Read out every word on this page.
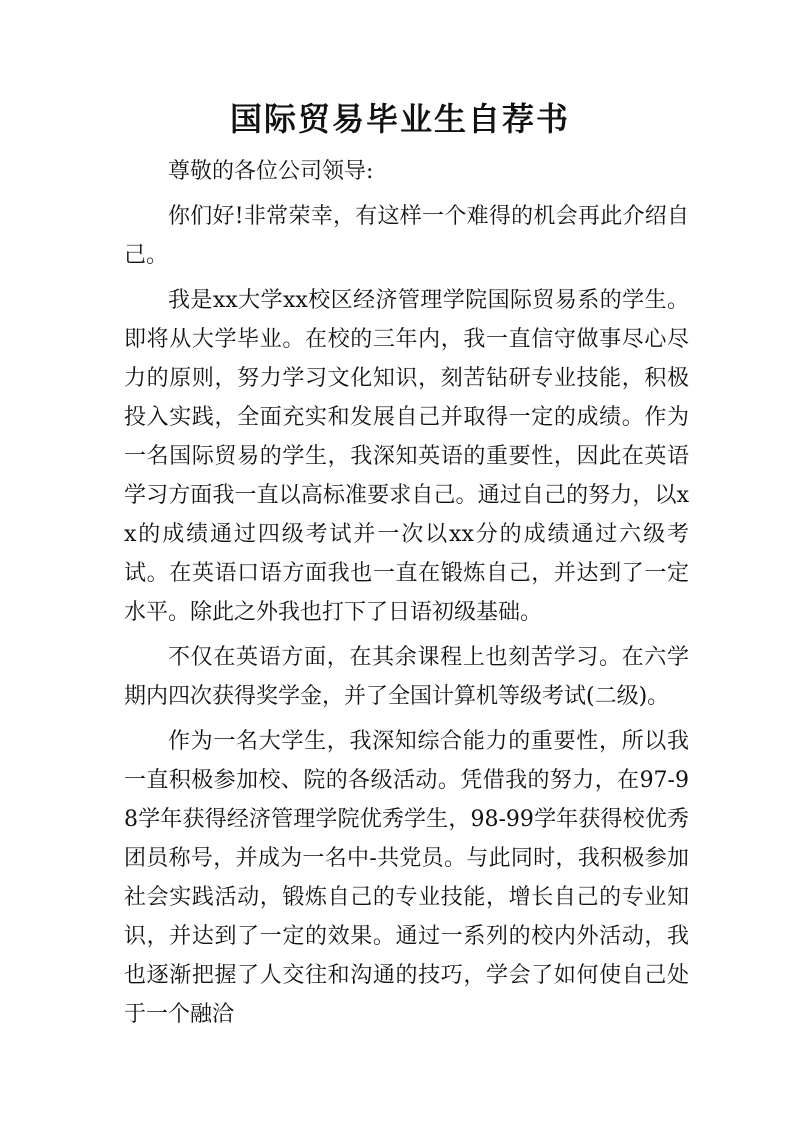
国际贸易毕业生自荐书

尊敬的各位公司领导:

你们好!非常荣幸，有这样一个难得的机会再此介绍自己。

我是xx大学xx校区经济管理学院国际贸易系的学生。即将从大学毕业。在校的三年内，我一直信守做事尽心尽力的原则，努力学习文化知识，刻苦钻研专业技能，积极投入实践，全面充实和发展自己并取得一定的成绩。作为一名国际贸易的学生，我深知英语的重要性，因此在英语学习方面我一直以高标准要求自己。通过自己的努力，以xx的成绩通过四级考试并一次以xx分的成绩通过六级考试。在英语口语方面我也一直在锻炼自己，并达到了一定水平。除此之外我也打下了日语初级基础。

不仅在英语方面，在其余课程上也刻苦学习。在六学期内四次获得奖学金，并了全国计算机等级考试(二级)。

作为一名大学生，我深知综合能力的重要性，所以我一直积极参加校、院的各级活动。凭借我的努力，在97-98学年获得经济管理学院优秀学生，98-99学年获得校优秀团员称号，并成为一名中-共党员。与此同时，我积极参加社会实践活动，锻炼自己的专业技能，增长自己的专业知识，并达到了一定的效果。通过一系列的校内外活动，我也逐渐把握了人交往和沟通的技巧，学会了如何使自己处于一个融洽
